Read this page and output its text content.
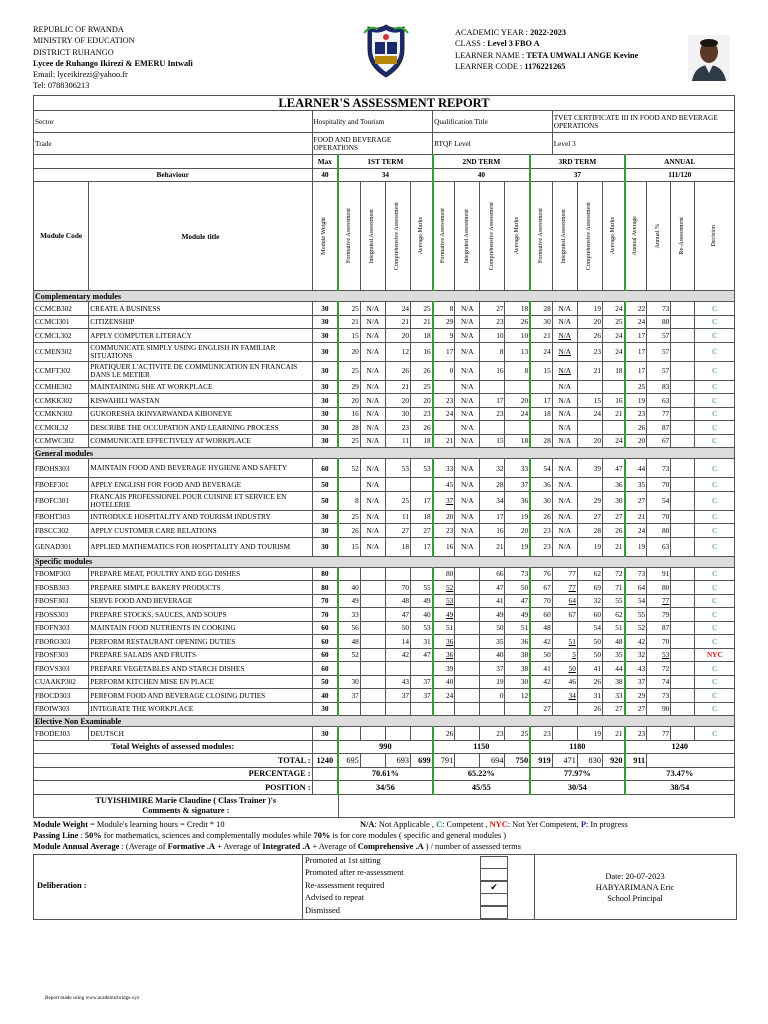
REPUBLIC OF RWANDA
MINISTRY OF EDUCATION
DISTRICT RUHANGO
Lycee de Ruhango Ikirezi & EMERU Intwali
Email: lyceikirezi@yahoo.fr
Tel: 0788306213
ACADEMIC YEAR : 2022-2023
CLASS : Level 3 FBO A
LEARNER NAME : TETA UMWALI ANGE Kevine
LEARNER CODE : 1176221265
LEARNER'S ASSESSMENT REPORT																		
Sector		Hospitality and Tourism					Qualification Title					TVET CERTIFICATE III IN FOOD AND BEVERAGE OPERATIONS						
Trade		FOOD AND BEVERAGE OPERATIONS					RTQF Level					Level 3						
		Max	1ST TERM				2ND TERM				3RD TERM				ANNUAL			
Behaviour		40	34				40				37				111/120			
Module Code	Module title	Module Weight	Formative Assessment	Integrated Assessment	Comprehensive Assessment	Average Marks	Formative Assessment	Integrated Assessment	Comprehensive Assessment	Average Marks	Formative Assessment	Integrated Assessment	Comprehensive Assessment	Average Marks	Annual Average	Annual %	Re-Assessment	Decision

Complementary modules																		
CCMCB302	CREATE A BUSINESS	30	25	N/A	24	25	8	N/A	27	18	28	N/A	19	24	22	73		C
CCMCI301	CITIZENSHIP	30	21	N/A	21	21	29	N/A	23	26	30	N/A	20	25	24	80		C
CCMCL302	APPLY COMPUTER LITERACY	30	15	N/A	20	18	9	N/A	10	10	21	N/A	26	24	17	57		C
CCMEN302	COMMUNICATE SIMPLY USING ENGLISH IN FAMILIAR SITUATIONS	30	20	N/A	12	16	17	N/A	8	13	24	N/A	23	24	17	57		C
CCMFT302	PRATIQUER L'ACTIVITE DE COMMUNICATION EN FRANCAIS DANS LE METIER	30	25	N/A	26	26	0	N/A	16	8	15	N/A	21	18	17	57		C
CCMHE302	MAINTAINING SHE AT WORKPLACE	30	29	N/A	21	25		N/A				N/A			25	83		C
CCMKK302	KISWAHILI WASTAN	30	20	N/A	20	20	23	N/A	17	20	17	N/A	15	16	19	63		C
CCMKN302	GUKORESHA IKINYARWANDA KIBONEYE	30	16	N/A	30	23	24	N/A	23	24	18	N/A	24	21	23	77		C
CCMOL32	DESCRIBE THE OCCUPATION AND LEARNING PROCESS	30	28	N/A	23	26		N/A				N/A			26	87		C
CCMWC302	COMMUNICATE EFFECTIVELY AT WORKPLACE	30	25	N/A	11	18	21	N/A	15	18	28	N/A	20	24	20	67		C
General modules																		
FBOHS303	MAINTAIN FOOD AND BEVERAGE HYGIENE AND SAFETY	60	52	N/A	53	53	33	N/A	32	33	54	N/A	39	47	44	73		C
FBOEF301	APPLY ENGLISH FOR FOOD AND BEVERAGE	50		N/A			45	N/A	28	37	36	N/A		36	35	70		C
FBOFC301	FRANCAIS PROFESSIONEL POUR CUISINE ET SERVICE EN HOTELERIE	50	8	N/A	25	17	37	N/A	34	36	30	N/A	29	30	27	54		C
FBOHT303	INTRODUCE HOSPITALITY AND TOURISM INDUSTRY	30	25	N/A	11	18	20	N/A	17	19	26	N/A	27	27	21	70		C
FBSCC302	APPLY CUSTOMER CARE RELATIONS	30	26	N/A	27	27	23	N/A	16	20	23	N/A	28	26	24	80		C
GENAD301	APPLIED MATHEMATICS FOR HOSPITALITY AND TOURISM	30	15	N/A	18	17	16	N/A	21	19	23	N/A	19	21	19	63		C
Specific modules																		
FBOMP303	PREPARE MEAT, POULTRY AND EGG DISHES	80					80		66	73	76	77	62	72	73	91		C
FBOSB303	PREPARE SIMPLE BAKERY PRODUCTS	80	40		70	55	52		47	50	67	77	69	71	64	80		C
FBOSF303	SERVE FOOD AND BEVERAGE	70	49		48	49	53		41	47	70	64	32	55	54	77		C
FBOSS303	PREPARE STOCKS, SAUCES, AND SOUPS	70	33		47	40	49		49	49	60	67	60	62	55	79		C
FBOFN303	MAINTAIN FOOD NUTRIENTS IN COOKING	60	56		50	53	51		50	51	48		54	51	52	87		C
FBORO303	PERFORM RESTAURANT OPENING DUTIES	60	48		14	31	36		35	36	42	51	50	48	42	70		C
FBOSF303	PREPARE SALADS AND FRUITS	60	52		42	47	36		40	38	50	5	50	35	32	53		NYC
FBOVS303	PREPARE VEGETABLES AND STARCH DISHES	60					39		37	38	41	50	41	44	43	72		C
CUAAKP302	PERFORM KITCHEN MISE EN PLACE	50	30		43	37	40		19	30	42	46	26	38	37	74		C
FBOCD303	PERFORM FOOD AND BEVERAGE CLOSING DUTIES	40	37		37	37	24		0	12		34	31	33	29	73		C
FBOIW303	INTEGRATE THE WORKPLACE	30									27		26	27	27	90		C
Elective Non Examinable																		
FBODE303	DEUTSCH	30					26		23	25	23		19	21	23	77		C
Total Weights of assessed modules:			990				1150				1180				1240			
TOTAL :		1240	695		693	699	791		694	750	919	471	830	920	911			
PERCENTAGE :			70.61%				65.22%				77.97%				73.47%			
POSITION :			34/56				45/55				30/54				38/54			
TUYISHIMIRE Marie Claudine ( Class Trainer )'s
Comments & signature :																		
Module Weight = Module's learning hours = Credit * 10	N/A: Not Applicable , C: Competent , NYC: Not Yet Competent, P: In progress
Passing Line : 50% for mathematics, sciences and complementally modules while 70% is for core modules ( specific and general modules )
Module Annual Average : (Average of Formative .A + Average of Integrated .A + Average of Comprehensive .A ) / number of assessed terms
Deliberation :
Promoted at 1st sitting
Promoted after re-assessment
Re-assessment required	✔
Advised to repeat
Dismissed
Date: 20-07-2023
HABYARIMANA Eric
School Principal
Report made using www.academicbridge.xyz
